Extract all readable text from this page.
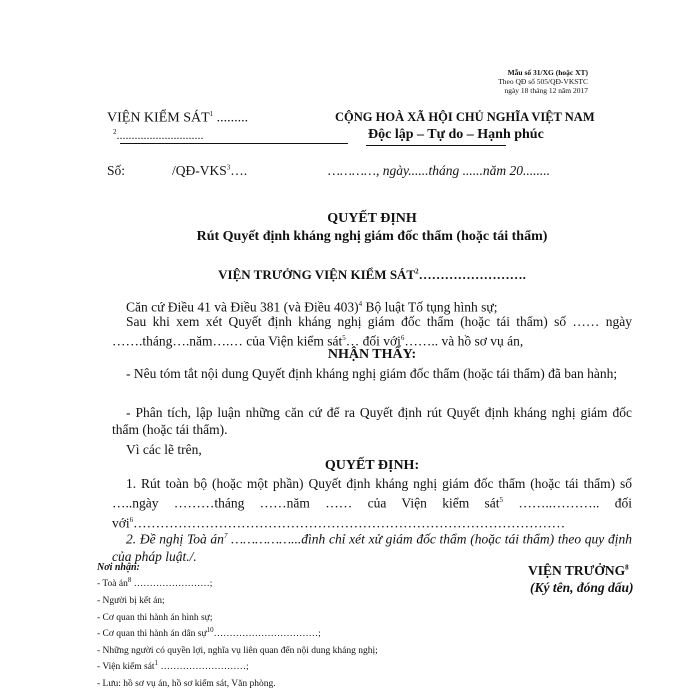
Mẫu số 31/XG (hoặc XT)
Theo QĐ số 505/QĐ-VKSTC
ngày 18 tháng 12 năm 2017
VIỆN KIỂM SÁT$^1$ .........
$^2$.............................
CỘNG HOÀ XÃ HỘI CHỦ NGHĨA VIỆT NAM
Độc lập – Tự do – Hạnh phúc
Số:	/QĐ-VKS$^3$….	…………, ngày......tháng ......năm 20........
QUYẾT ĐỊNH
Rút Quyết định kháng nghị giám đốc thẩm (hoặc tái thẩm)
VIỆN TRƯỞNG VIỆN KIỂM SÁT$^2$…………………….
Căn cứ Điều 41 và Điều 381 (và Điều 403)$^4$ Bộ luật Tố tụng hình sự;
Sau khi xem xét Quyết định kháng nghị giám đốc thẩm (hoặc tái thẩm) số …… ngày …….tháng….năm….… của Viện kiểm sát$^5$… đối với$^6$…….. và hồ sơ vụ án,
NHẬN THẤY:
- Nêu tóm tắt nội dung Quyết định kháng nghị giám đốc thẩm (hoặc tái thẩm) đã ban hành;
- Phân tích, lập luận những căn cứ để ra Quyết định rút Quyết định kháng nghị giám đốc thẩm (hoặc tái thẩm).
Vì các lẽ trên,
QUYẾT ĐỊNH:
1. Rút toàn bộ (hoặc một phần) Quyết định kháng nghị giám đốc thẩm (hoặc tái thẩm) số …..ngày ………tháng ……năm …… của Viện kiểm sát$^5$ ……..……….. đối với$^6$……………………………………………………………………………………
2. Đề nghị Toà $án^7$ ……………...đình chỉ xét xử giám đốc thẩm (hoặc tái thẩm) theo quy định của pháp luật./.
Nơi nhận:
- Toà $án^8$ ……………………;
- Người bị kết án;
- Cơ quan thi hành án hình sự;
- Cơ quan thi hành án dân sự$^{10}$……………………………;
- Những người có quyền lợi, nghĩa vụ liên quan đến nội dung kháng nghị;
- Viện kiểm sát$^1$ ………………………;
- Lưu: hồ sơ vụ án, hồ sơ kiểm sát, Văn phòng.
VIỆN TRƯỞNG$^8$
(Ký tên, đóng dấu)
